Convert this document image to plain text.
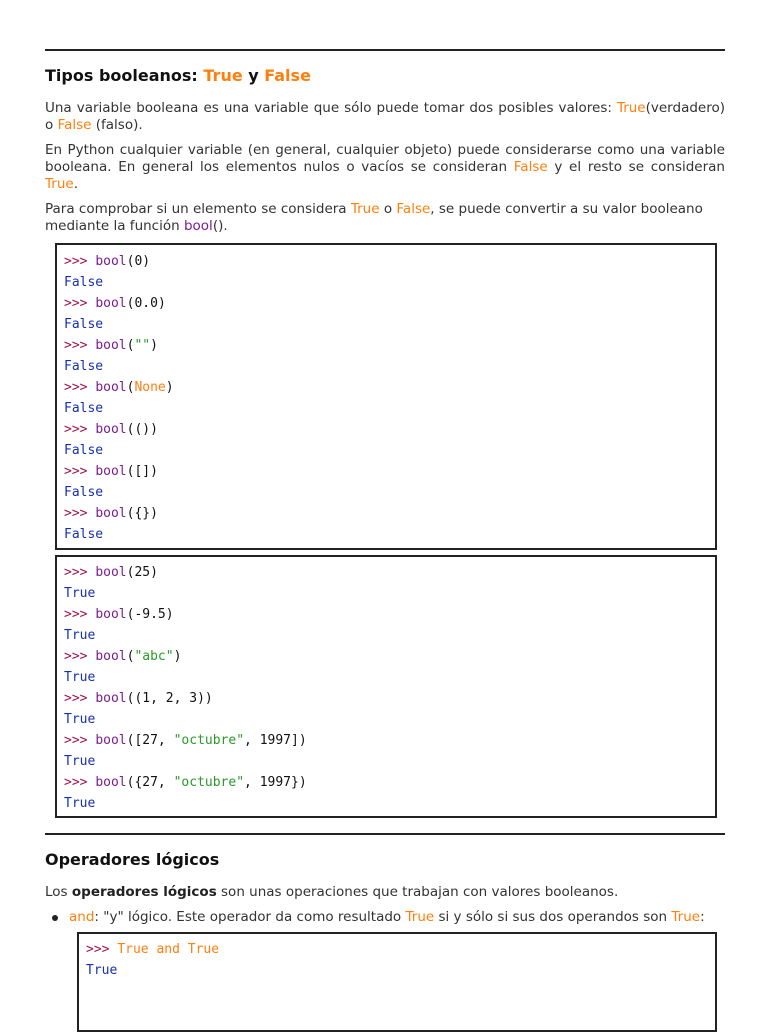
Tipos booleanos: True y False

Una variable booleana es una variable que sólo puede tomar dos posibles valores: True(verdadero) o False (falso).

En Python cualquier variable (en general, cualquier objeto) puede considerarse como una variable booleana. En general los elementos nulos o vacíos se consideran False y el resto se consideran True.

Para comprobar si un elemento se considera True o False, se puede convertir a su valor booleano mediante la función bool().

>>> bool(0)
False
>>> bool(0.0)
False
>>> bool("")
False
>>> bool(None)
False
>>> bool(())
False
>>> bool([])
False
>>> bool({})
False
>>> bool(25)
True
>>> bool(-9.5)
True
>>> bool("abc")
True
>>> bool((1, 2, 3))
True
>>> bool([27, "octubre", 1997])
True
>>> bool({27, "octubre", 1997})
True
Operadores lógicos

Los operadores lógicos son unas operaciones que trabajan con valores booleanos.

and: "y" lógico. Este operador da como resultado True si y sólo si sus dos operandos son True:

>>> True and True
True
